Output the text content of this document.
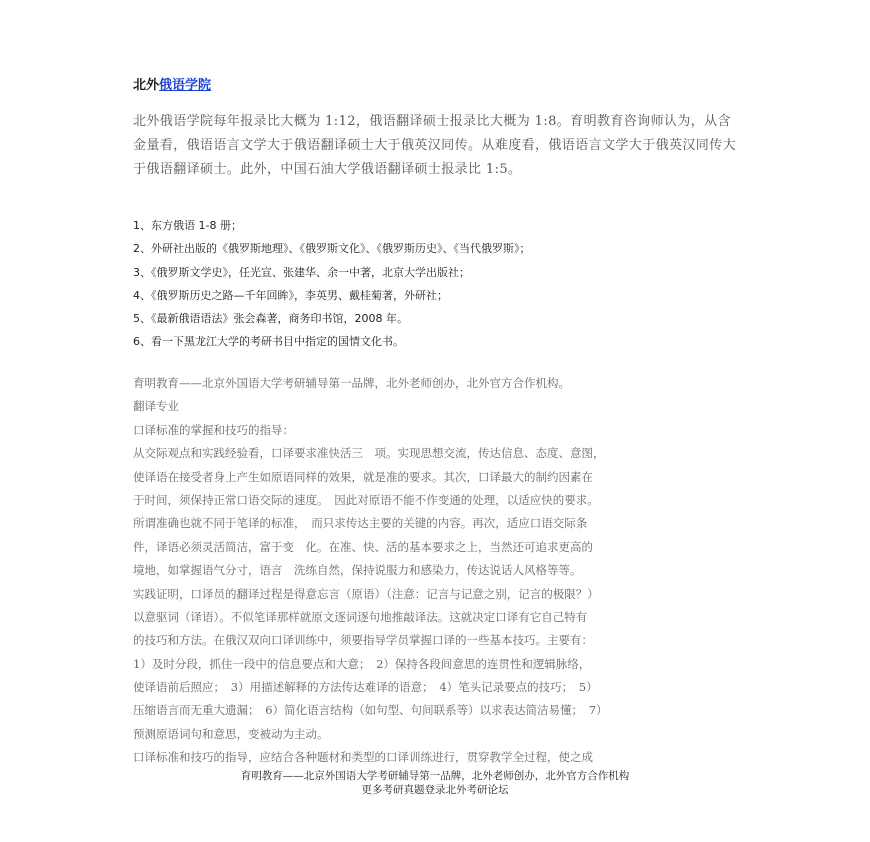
北外俄语学院
北外俄语学院每年报录比大概为 1:12，俄语翻译硕士报录比大概为 1:8。育明教育咨询师认为，从含金量看，俄语语言文学大于俄语翻译硕士大于俄英汉同传。从难度看，俄语语言文学大于俄英汉同传大于俄语翻译硕士。此外，中国石油大学俄语翻译硕士报录比 1:5。
1、东方俄语 1-8 册；
2、外研社出版的《俄罗斯地理》、《俄罗斯文化》、《俄罗斯历史》、《当代俄罗斯》；
3、《俄罗斯文学史》，任光宣、张建华、余一中著，北京大学出版社；
4、《俄罗斯历史之路—千年回眸》，李英男、戴桂菊著，外研社；
5、《最新俄语语法》张会森著，商务印书馆，2008 年。
6、看一下黑龙江大学的考研书目中指定的国情文化书。
育明教育——北京外国语大学考研辅导第一品牌，北外老师创办，北外官方合作机构。
翻译专业
口译标准的掌握和技巧的指导：
从交际观点和实践经验看，口译要求准快活三　项。实现思想交流，传达信息、态度、意图，
使译语在接受者身上产生如原语同样的效果，就是准的要求。其次，口译最大的制约因素在
于时间，须保持正常口语交际的速度。　因此对原语不能不作变通的处理，以适应快的要求。
所谓准确也就不同于笔译的标准，　而只求传达主要的关键的内容。再次，适应口语交际条
件，译语必须灵活简洁，富于变　化。在准、快、活的基本要求之上，当然还可追求更高的
境地，如掌握语气分寸，语言　洗练自然，保持说服力和感染力，传达说话人风格等等。
实践证明，口译员的翻译过程是得意忘言（原语）（注意：记言与记意之别，记言的极限？）
以意驱词（译语）。不似笔译那样就原文逐词逐句地推敲译法。这就决定口译有它自己特有
的技巧和方法。在俄汉双向口译训练中，须要指导学员掌握口译的一些基本技巧。主要有：
1）及时分段，抓住一段中的信息要点和大意；　2）保持各段间意思的连贯性和逻辑脉络，
使译语前后照应；　3）用描述解释的方法传达难译的语意；　4）笔头记录要点的技巧；　5）
压缩语言而无重大遗漏；　6）简化语言结构（如句型、句间联系等）以求表达简洁易懂；　7）
预测原语词句和意思，变被动为主动。
口译标准和技巧的指导，应结合各种题材和类型的口译训练进行，贯穿教学全过程，使之成
育明教育——北京外国语大学考研辅导第一品牌，北外老师创办，北外官方合作机构
更多考研真题登录北外考研论坛
